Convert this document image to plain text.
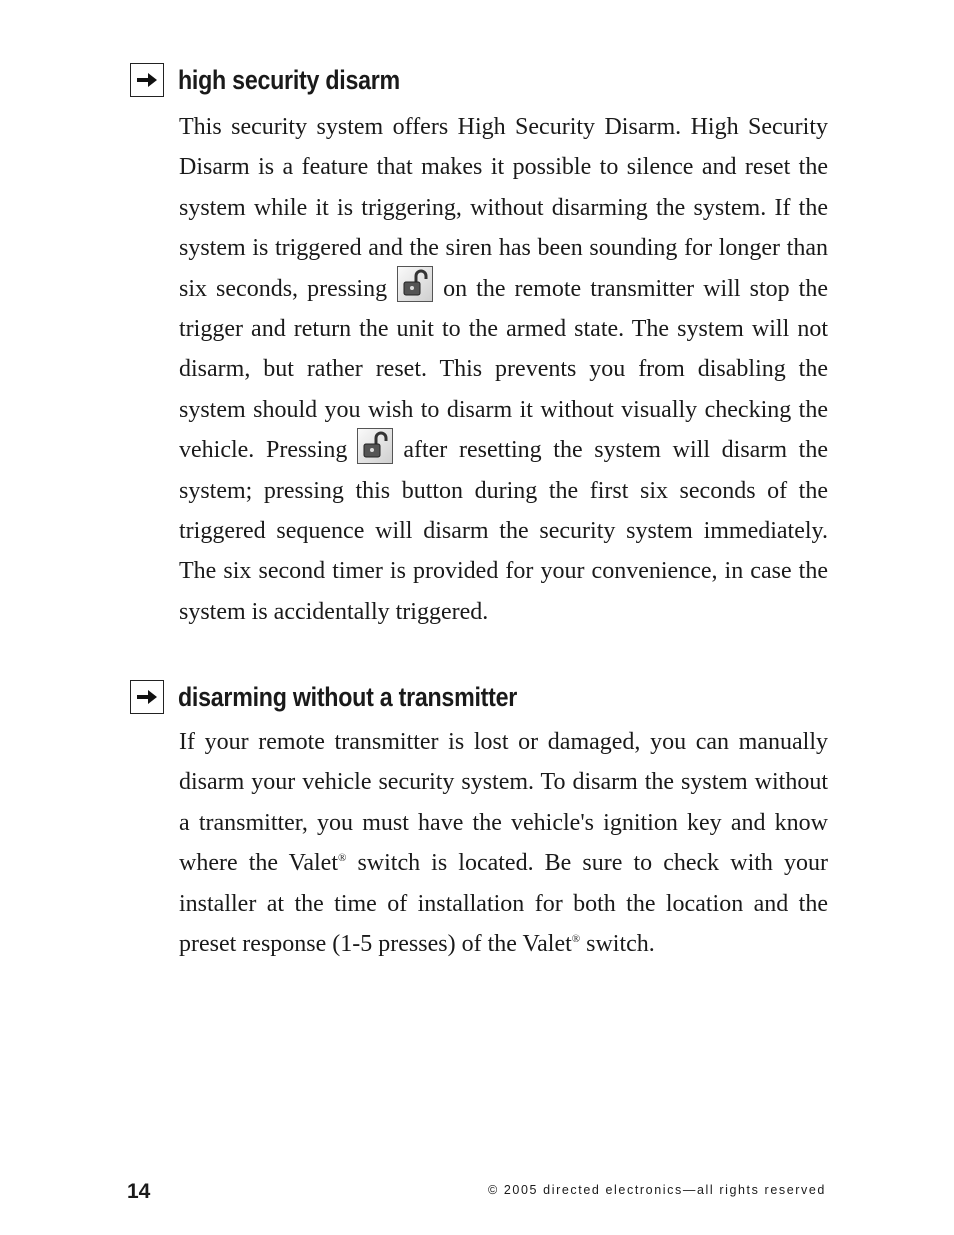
high security disarm

This security system offers High Security Disarm. High Security Disarm is a feature that makes it possible to silence and reset the system while it is triggering, without disarming the system. If the system is triggered and the siren has been sounding for longer than six seconds, pressing on the remote transmitter will stop the trigger and return the unit to the armed state. The system will not disarm, but rather reset. This prevents you from disabling the system should you wish to disarm it without visually checking the vehicle. Pressing after resetting the system will disarm the system; pressing this button during the first six seconds of the triggered sequence will disarm the security system immediately. The six second timer is provided for your convenience, in case the system is accidentally triggered.

disarming without a transmitter

If your remote transmitter is lost or damaged, you can manually disarm your vehicle security system. To disarm the system without a transmitter, you must have the vehicle's ignition key and know where the Valet® switch is located. Be sure to check with your installer at the time of installation for both the location and the preset response (1-5 presses) of the Valet® switch.

14	© 2005 directed electronics—all rights reserved
